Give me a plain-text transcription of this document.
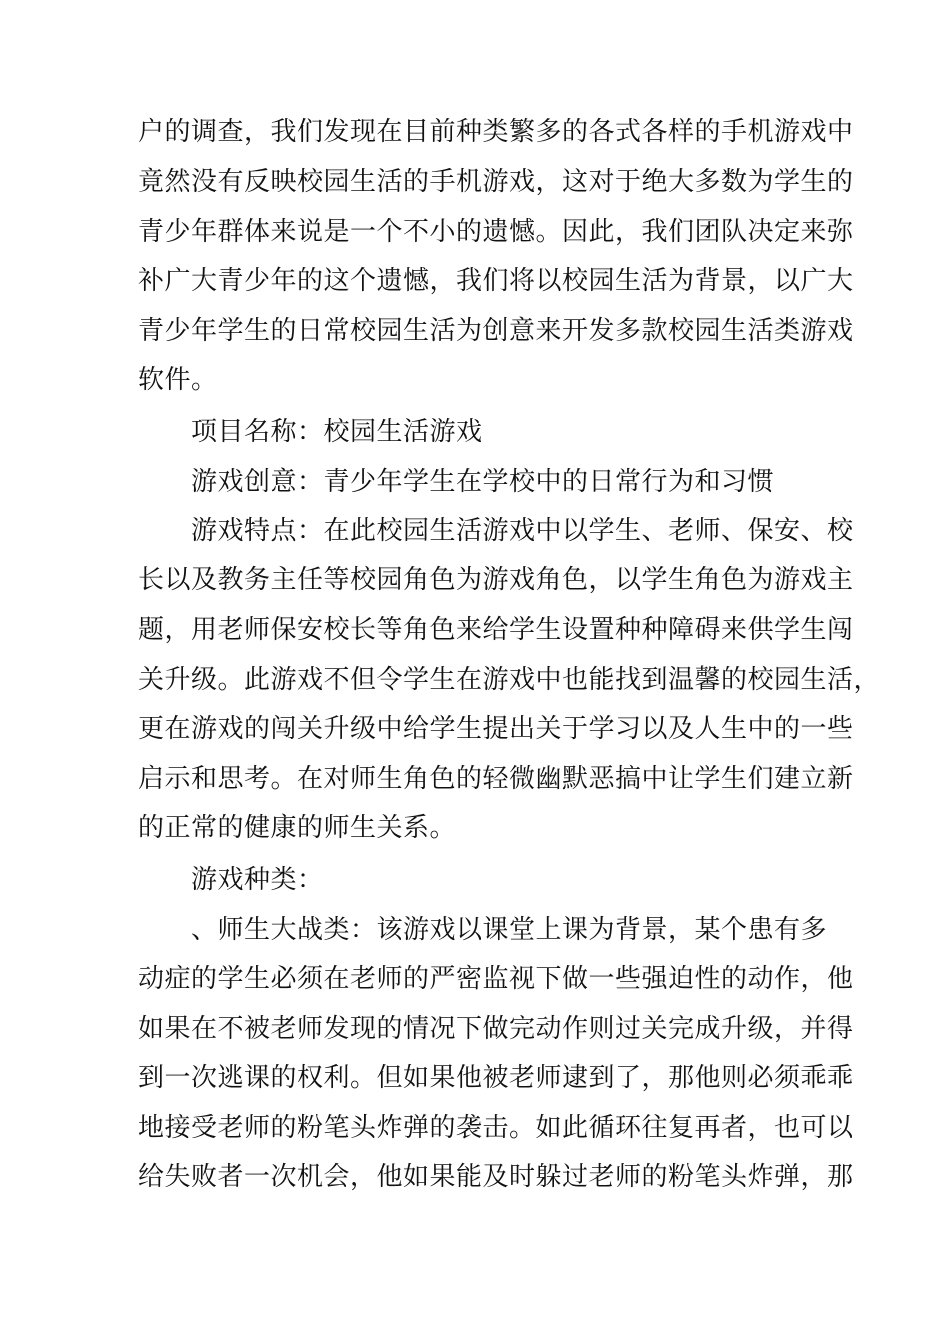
户的调查，我们发现在目前种类繁多的各式各样的手机游戏中
竟然没有反映校园生活的手机游戏，这对于绝大多数为学生的
青少年群体来说是一个不小的遗憾。因此，我们团队决定来弥
补广大青少年的这个遗憾，我们将以校园生活为背景，以广大
青少年学生的日常校园生活为创意来开发多款校园生活类游戏
软件。
　　项目名称：校园生活游戏
　　游戏创意：青少年学生在学校中的日常行为和习惯
　　游戏特点：在此校园生活游戏中以学生、老师、保安、校
长以及教务主任等校园角色为游戏角色，以学生角色为游戏主
题，用老师保安校长等角色来给学生设置种种障碍来供学生闯
关升级。此游戏不但令学生在游戏中也能找到温馨的校园生活，
更在游戏的闯关升级中给学生提出关于学习以及人生中的一些
启示和思考。在对师生角色的轻微幽默恶搞中让学生们建立新
的正常的健康的师生关系。
　　游戏种类：
　　、师生大战类：该游戏以课堂上课为背景，某个患有多
动症的学生必须在老师的严密监视下做一些强迫性的动作，他
如果在不被老师发现的情况下做完动作则过关完成升级，并得
到一次逃课的权利。但如果他被老师逮到了，那他则必须乖乖
地接受老师的粉笔头炸弹的袭击。如此循环往复再者，也可以
给失败者一次机会，他如果能及时躲过老师的粉笔头炸弹，那
